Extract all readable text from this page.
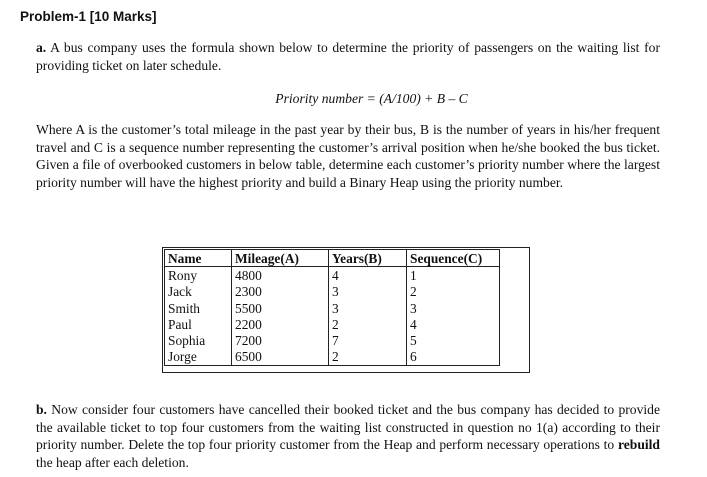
Problem-1 [10 Marks]

a. A bus company uses the formula shown below to determine the priority of passengers on the waiting list for providing ticket on later schedule.

Priority number = (A/100) + B – C

Where A is the customer’s total mileage in the past year by their bus, B is the number of years in his/her frequent travel and C is a sequence number representing the customer’s arrival position when he/she booked the bus ticket. Given a file of overbooked customers in below table, determine each customer’s priority number where the largest priority number will have the highest priority and build a Binary Heap using the priority number.

Name	Mileage(A)	Years(B)	Sequence(C)
Rony	4800	4	1
Jack	2300	3	2
Smith	5500	3	3
Paul	2200	2	4
Sophia	7200	7	5
Jorge	6500	2	6

b. Now consider four customers have cancelled their booked ticket and the bus company has decided to provide the available ticket to top four customers from the waiting list constructed in question no 1(a) according to their priority number. Delete the top four priority customer from the Heap and perform necessary operations to rebuild the heap after each deletion.
